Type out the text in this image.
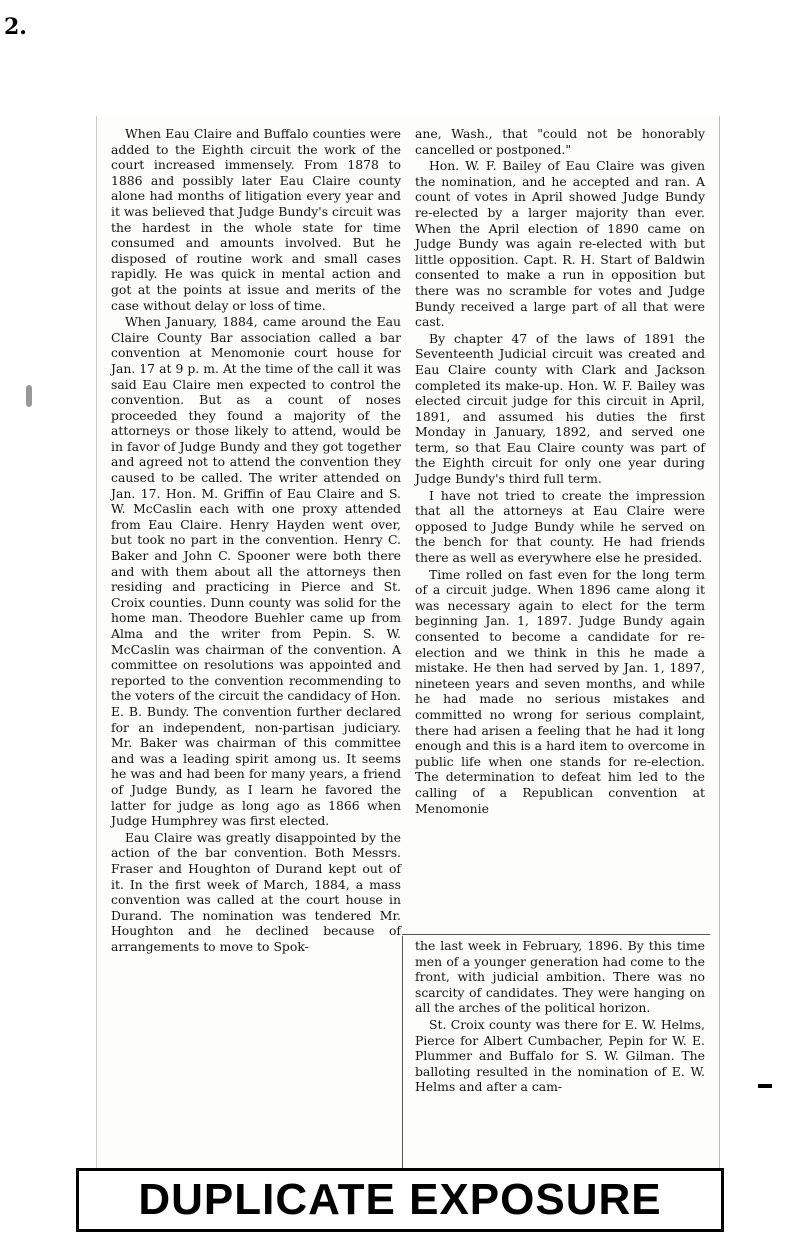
2.

When Eau Claire and Buffalo counties were added to the Eighth circuit the work of the court increased immensely. From 1878 to 1886 and possibly later Eau Claire county alone had months of litigation every year and it was believed that Judge Bundy's circuit was the hardest in the whole state for time consumed and amounts involved. But he disposed of routine work and small cases rapidly. He was quick in mental action and got at the points at issue and merits of the case without delay or loss of time.

When January, 1884, came around the Eau Claire County Bar association called a bar convention at Menomonie court house for Jan. 17 at 9 p. m. At the time of the call it was said Eau Claire men expected to control the convention. But as a count of noses proceeded they found a majority of the attorneys or those likely to attend, would be in favor of Judge Bundy and they got together and agreed not to attend the convention they caused to be called. The writer attended on Jan. 17. Hon. M. Griffin of Eau Claire and S. W. McCaslin each with one proxy attended from Eau Claire. Henry Hayden went over, but took no part in the convention. Henry C. Baker and John C. Spooner were both there and with them about all the attorneys then residing and practicing in Pierce and St. Croix counties. Dunn county was solid for the home man. Theodore Buehler came up from Alma and the writer from Pepin. S. W. McCaslin was chairman of the convention. A committee on resolutions was appointed and reported to the convention recommending to the voters of the circuit the candidacy of Hon. E. B. Bundy. The convention further declared for an independent, non-partisan judiciary. Mr. Baker was chairman of this committee and was a leading spirit among us. It seems he was and had been for many years, a friend of Judge Bundy, as I learn he favored the latter for judge as long ago as 1866 when Judge Humphrey was first elected.

Eau Claire was greatly disappointed by the action of the bar convention. Both Messrs. Fraser and Houghton of Durand kept out of it. In the first week of March, 1884, a mass convention was called at the court house in Durand. The nomination was tendered Mr. Houghton and he declined because of arrangements to move to Spok-

ane, Wash., that "could not be honorably cancelled or postponed."

Hon. W. F. Bailey of Eau Claire was given the nomination, and he accepted and ran. A count of votes in April showed Judge Bundy re-elected by a larger majority than ever. When the April election of 1890 came on Judge Bundy was again re-elected with but little opposition. Capt. R. H. Start of Baldwin consented to make a run in opposition but there was no scramble for votes and Judge Bundy received a large part of all that were cast.

By chapter 47 of the laws of 1891 the Seventeenth Judicial circuit was created and Eau Claire county with Clark and Jackson completed its make-up. Hon. W. F. Bailey was elected circuit judge for this circuit in April, 1891, and assumed his duties the first Monday in January, 1892, and served one term, so that Eau Claire county was part of the Eighth circuit for only one year during Judge Bundy's third full term.

I have not tried to create the impression that all the attorneys at Eau Claire were opposed to Judge Bundy while he served on the bench for that county. He had friends there as well as everywhere else he presided.

Time rolled on fast even for the long term of a circuit judge. When 1896 came along it was necessary again to elect for the term beginning Jan. 1, 1897. Judge Bundy again consented to become a candidate for re-election and we think in this he made a mistake. He then had served by Jan. 1, 1897, nineteen years and seven months, and while he had made no serious mistakes and committed no wrong for serious complaint, there had arisen a feeling that he had it long enough and this is a hard item to overcome in public life when one stands for re-election. The determination to defeat him led to the calling of a Republican convention at Menomonie

the last week in February, 1896. By this time men of a younger generation had come to the front, with judicial ambition. There was no scarcity of candidates. They were hanging on all the arches of the political horizon.

St. Croix county was there for E. W. Helms, Pierce for Albert Cumbacher, Pepin for W. E. Plummer and Buffalo for S. W. Gilman. The balloting resulted in the nomination of E. W. Helms and after a cam-

DUPLICATE EXPOSURE
